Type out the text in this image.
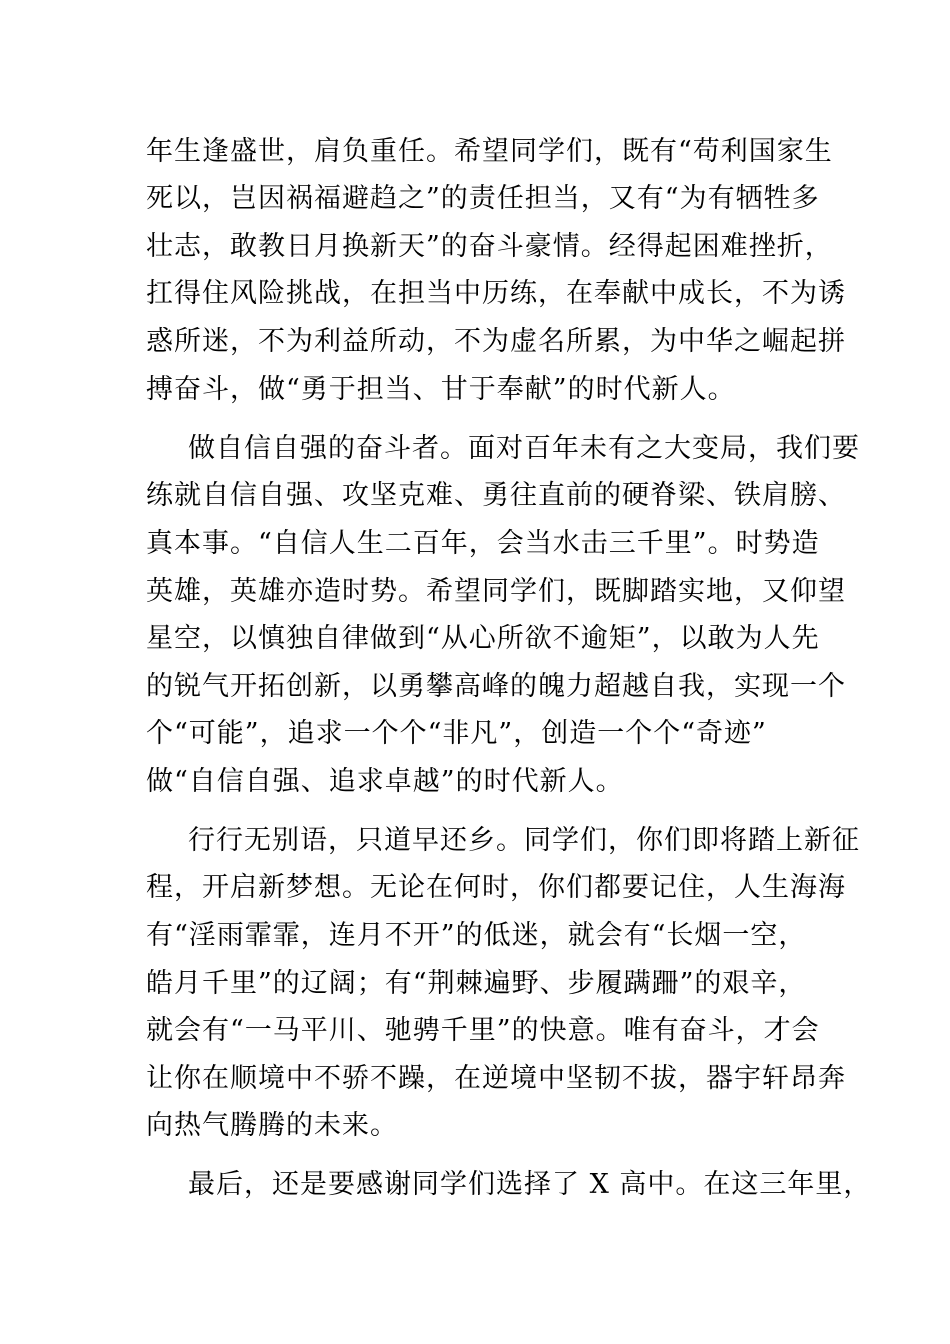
年生逢盛世，肩负重任。希望同学们，既有“苟利国家生
死以，岂因祸福避趋之”的责任担当，又有“为有牺牲多
壮志，敢教日月换新天”的奋斗豪情。经得起困难挫折，
扛得住风险挑战，在担当中历练，在奉献中成长，不为诱
惑所迷，不为利益所动，不为虚名所累，为中华之崛起拼
搏奋斗，做“勇于担当、甘于奉献”的时代新人。
做自信自强的奋斗者。面对百年未有之大变局，我们要
练就自信自强、攻坚克难、勇往直前的硬脊梁、铁肩膀、
真本事。“自信人生二百年，会当水击三千里”。时势造
英雄，英雄亦造时势。希望同学们，既脚踏实地，又仰望
星空，以慎独自律做到“从心所欲不逾矩”，以敢为人先
的锐气开拓创新，以勇攀高峰的魄力超越自我，实现一个
个“可能”，追求一个个“非凡”，创造一个个“奇迹”
做“自信自强、追求卓越”的时代新人。
行行无别语，只道早还乡。同学们，你们即将踏上新征
程，开启新梦想。无论在何时，你们都要记住，人生海海
有“淫雨霏霏，连月不开”的低迷，就会有“长烟一空，
皓月千里”的辽阔；有“荆棘遍野、步履蹒跚”的艰辛，
就会有“一马平川、驰骋千里”的快意。唯有奋斗，才会
让你在顺境中不骄不躁，在逆境中坚韧不拔，器宇轩昂奔
向热气腾腾的未来。
最后，还是要感谢同学们选择了 X 高中。在这三年里，
